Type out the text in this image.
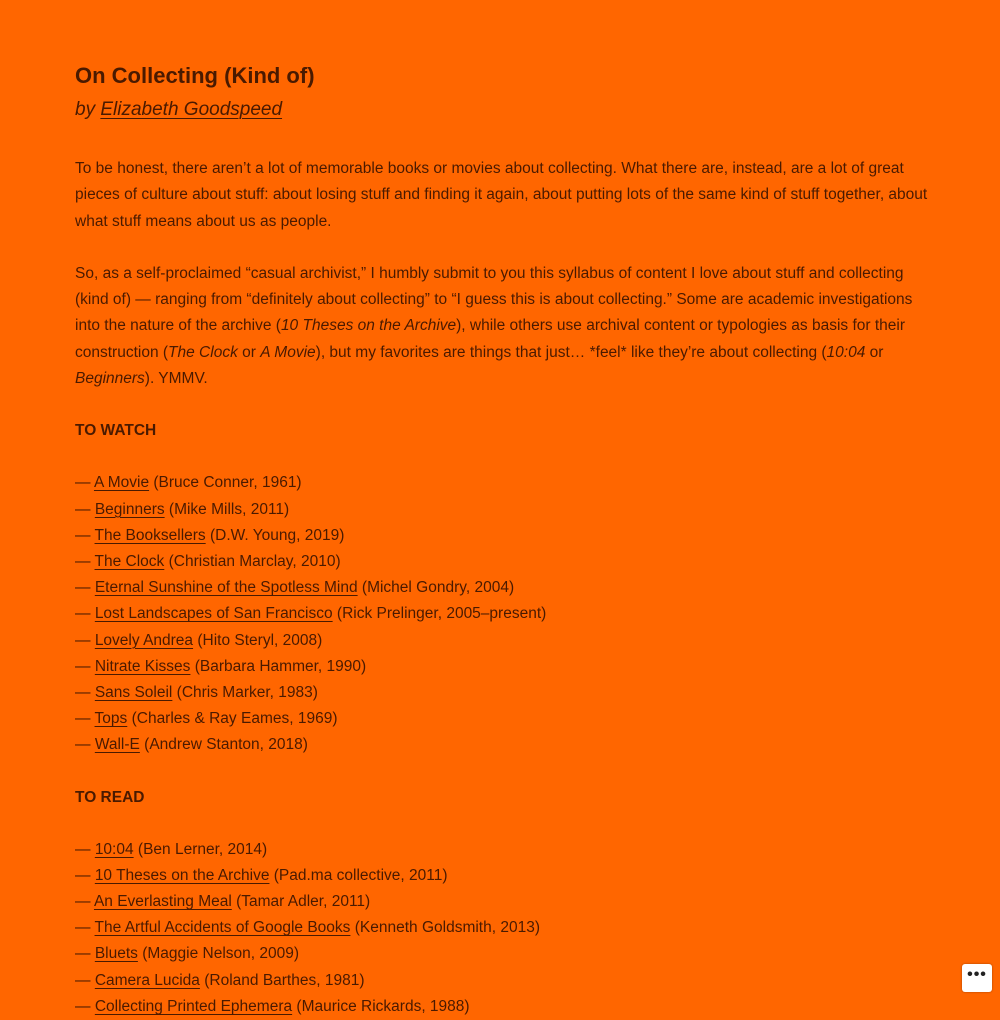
On Collecting (Kind of)

by Elizabeth Goodspeed

To be honest, there aren’t a lot of memorable books or movies about collecting. What there are, instead, are a lot of great pieces of culture about stuff: about losing stuff and finding it again, about putting lots of the same kind of stuff together, about what stuff means about us as people.

So, as a self-proclaimed “casual archivist,” I humbly submit to you this syllabus of content I love about stuff and collecting (kind of) — ranging from “definitely about collecting” to “I guess this is about collecting.” Some are academic investigations into the nature of the archive (10 Theses on the Archive), while others use archival content or typologies as basis for their construction (The Clock or A Movie), but my favorites are things that just… *feel* like they’re about collecting (10:04 or Beginners). YMMV.

TO WATCH
— A Movie (Bruce Conner, 1961)
— Beginners (Mike Mills, 2011)
— The Booksellers (D.W. Young, 2019)
— The Clock (Christian Marclay, 2010)
— Eternal Sunshine of the Spotless Mind (Michel Gondry, 2004)
— Lost Landscapes of San Francisco (Rick Prelinger, 2005–present)
— Lovely Andrea (Hito Steryl, 2008)
— Nitrate Kisses (Barbara Hammer, 1990)
— Sans Soleil (Chris Marker, 1983)
— Tops (Charles & Ray Eames, 1969)
— Wall-E (Andrew Stanton, 2018)
TO READ
— 10:04 (Ben Lerner, 2014)
— 10 Theses on the Archive (Pad.ma collective, 2011)
— An Everlasting Meal (Tamar Adler, 2011)
— The Artful Accidents of Google Books (Kenneth Goldsmith, 2013)
— Bluets (Maggie Nelson, 2009)
— Camera Lucida (Roland Barthes, 1981)
— Collecting Printed Ephemera (Maurice Rickards, 1988)
•••
